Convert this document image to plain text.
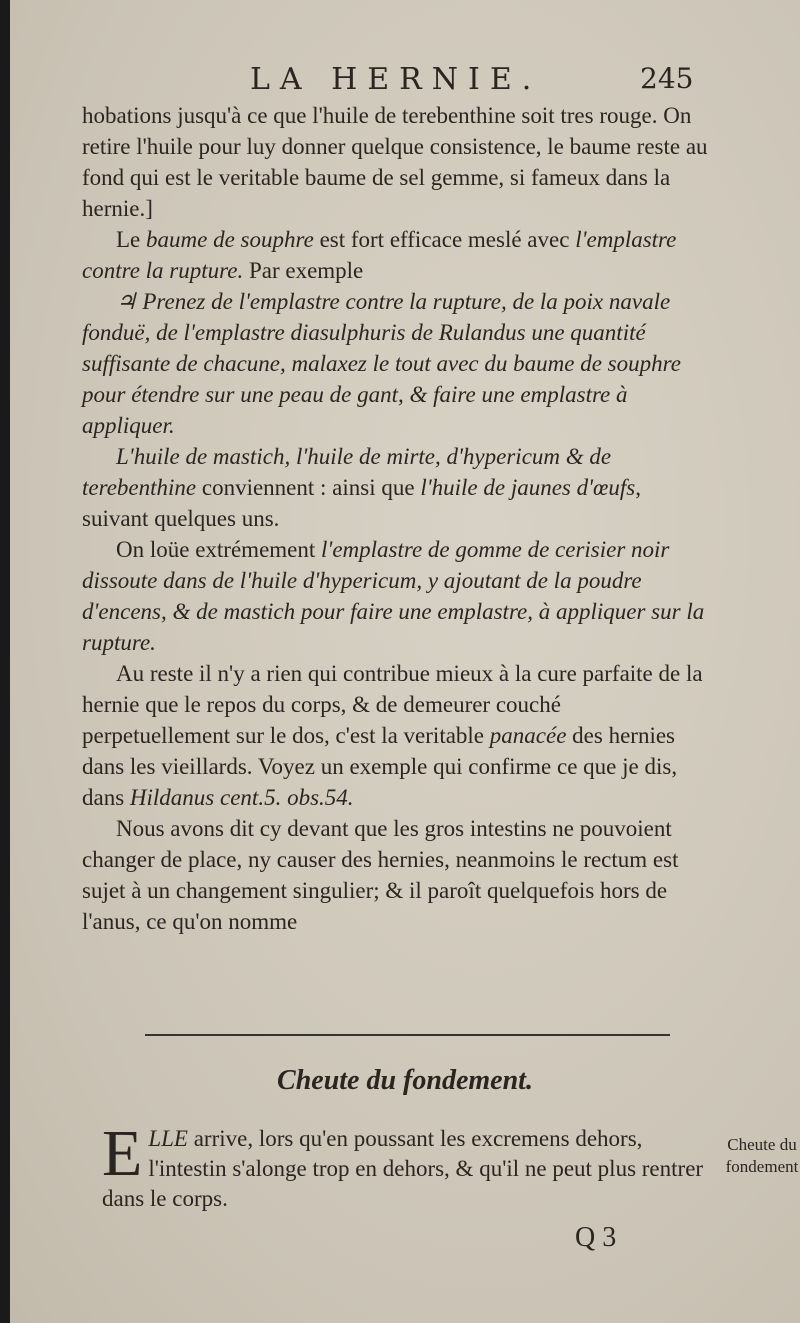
LA HERNIE.	245

hobations jusqu'à ce que l'huile de terebenthine soit tres rouge. On retire l'huile pour luy donner quelque consistence, le baume reste au fond qui est le veritable baume de sel gemme, si fameux dans la hernie.]

Le baume de souphre est fort efficace meslé avec l'emplastre contre la rupture. Par exemple

♃ Prenez de l'emplastre contre la rupture, de la poix navale fonduë, de l'emplastre diasulphuris de Rulandus une quantité suffisante de chacune, malaxez le tout avec du baume de souphre pour étendre sur une peau de gant, & faire une emplastre à appliquer.

L'huile de mastich, l'huile de mirte, d'hypericum & de terebenthine conviennent : ainsi que l'huile de jaunes d'œufs, suivant quelques uns.

On loüe extrémement l'emplastre de gomme de cerisier noir dissoute dans de l'huile d'hypericum, y ajoutant de la poudre d'encens, & de mastich pour faire une emplastre, à appliquer sur la rupture.

Au reste il n'y a rien qui contribue mieux à la cure parfaite de la hernie que le repos du corps, & de demeurer couché perpetuellement sur le dos, c'est la veritable panacée des hernies dans les vieillards. Voyez un exemple qui confirme ce que je dis, dans Hildanus cent.5. obs.54.

Nous avons dit cy devant que les gros intestins ne pouvoient changer de place, ny causer des hernies, neanmoins le rectum est sujet à un changement singulier; & il paroît quelquefois hors de l'anus, ce qu'on nomme

Cheute du fondement.
ELLE arrive, lors qu'en poussant les excremens dehors, l'intestin s'alonge trop en dehors, & qu'il ne peut plus rentrer dans le corps.
Cheute du fondement
Q 3
